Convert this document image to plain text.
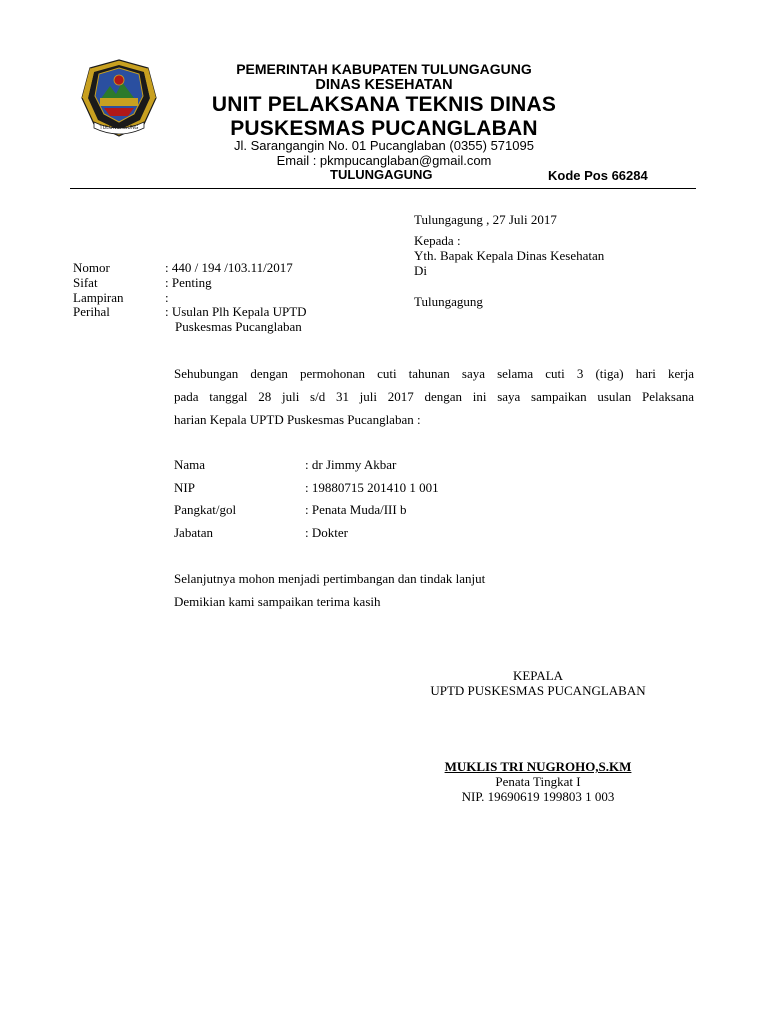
TULUNGAGUNG
PEMERINTAH KABUPATEN TULUNGAGUNG
DINAS KESEHATAN
UNIT PELAKSANA TEKNIS DINAS
PUSKESMAS PUCANGLABAN
Jl. Sarangangin No. 01 Pucanglaban (0355) 571095
Email : pkmpucanglaban@gmail.com
TULUNGAGUNG	Kode Pos 66284
Tulungagung , 27 Juli 2017
Kepada :
Yth. Bapak Kepala Dinas Kesehatan
Di
Tulungagung
Nomor	: 440 / 194 /103.11/2017
Sifat	: Penting
Lampiran	:
Perihal	: Usulan Plh Kepala UPTD
Puskesmas Pucanglaban
Sehubungan dengan permohonan cuti tahunan saya selama cuti 3 (tiga) hari kerja
pada tanggal 28 juli s/d 31 juli 2017 dengan ini saya sampaikan usulan Pelaksana
harian Kepala UPTD Puskesmas Pucanglaban :
Nama	: dr Jimmy Akbar
NIP	: 19880715 201410 1 001
Pangkat/gol	: Penata Muda/III b
Jabatan	: Dokter
Selanjutnya mohon menjadi pertimbangan dan tindak lanjut
Demikian kami sampaikan terima kasih
KEPALA
UPTD PUSKESMAS PUCANGLABAN
MUKLIS TRI NUGROHO,S.KM
Penata Tingkat I
NIP. 19690619 199803 1 003
